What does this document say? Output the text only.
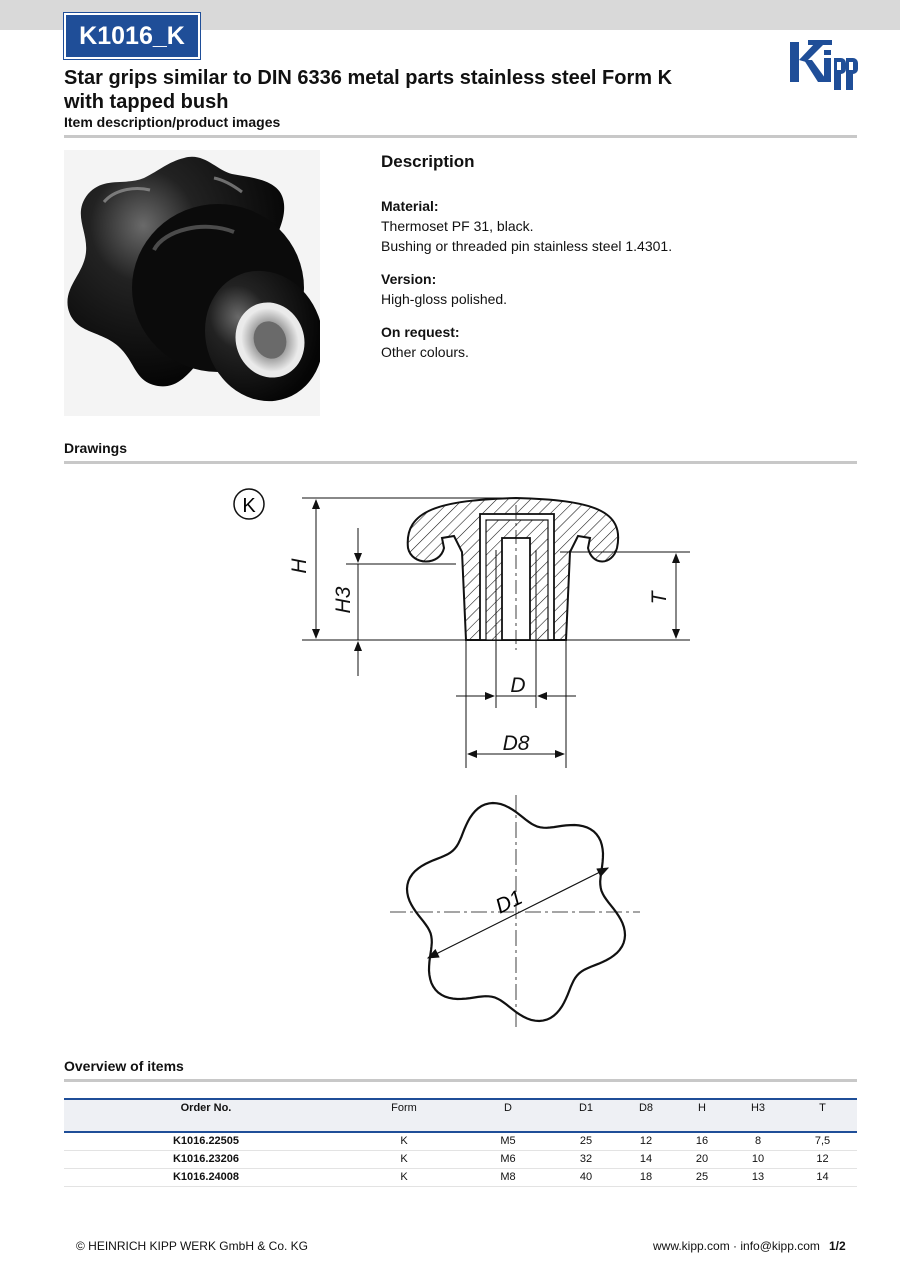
K1016_K
Star grips similar to DIN 6336 metal parts stainless steel Form K with tapped bush
Item description/product images
Description
Material:
Thermoset PF 31, black.
Bushing or threaded pin stainless steel 1.4301.
Version:
High-gloss polished.
On request:
Other colours.
Drawings
K
H
H3	T
D
D8
D1
Overview of items
Order No.	Form	D	D1	D8	H	H3	T
K1016.22505	K	M5	25	12	16	8	7,5
K1016.23206	K	M6	32	14	20	10	12
K1016.24008	K	M8	40	18	25	13	14
© HEINRICH KIPP WERK GmbH & Co. KG	www.kipp.com · info@kipp.com 1/2
